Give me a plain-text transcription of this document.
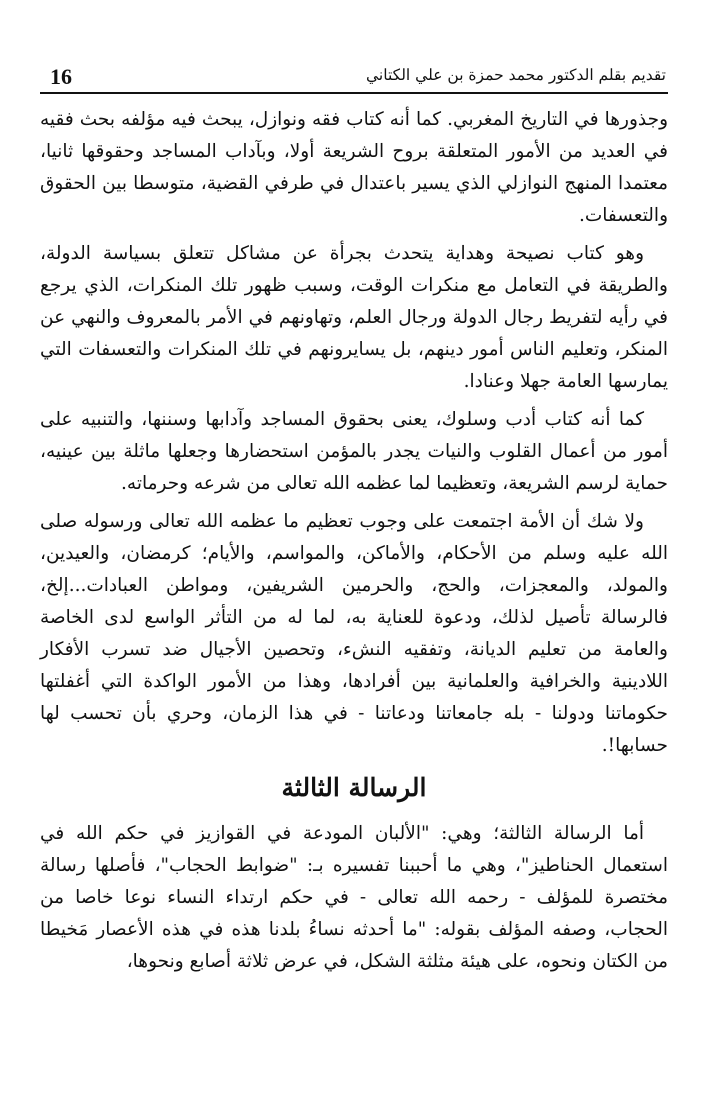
16	تقديم بقلم الدكتور محمد حمزة بن علي الكتاني

وجذورها في التاريخ المغربي. كما أنه كتاب فقه ونوازل، يبحث فيه مؤلفه بحث فقيه في العديد من الأمور المتعلقة بروح الشريعة أولا، وبآداب المساجد وحقوقها ثانيا، معتمدا المنهج النوازلي الذي يسير باعتدال في طرفي القضية، متوسطا بين الحقوق والتعسفات.

وهو كتاب نصيحة وهداية يتحدث بجرأة عن مشاكل تتعلق بسياسة الدولة، والطريقة في التعامل مع منكرات الوقت، وسبب ظهور تلك المنكرات، الذي يرجع في رأيه لتفريط رجال الدولة ورجال العلم، وتهاونهم في الأمر بالمعروف والنهي عن المنكر، وتعليم الناس أمور دينهم، بل يسايرونهم في تلك المنكرات والتعسفات التي يمارسها العامة جهلا وعنادا.

كما أنه كتاب أدب وسلوك، يعنى بحقوق المساجد وآدابها وسننها، والتنبيه على أمور من أعمال القلوب والنيات يجدر بالمؤمن استحضارها وجعلها ماثلة بين عينيه، حماية لرسم الشريعة، وتعظيما لما عظمه الله تعالى من شرعه وحرماته.

ولا شك أن الأمة اجتمعت على وجوب تعظيم ما عظمه الله تعالى ورسوله صلى الله عليه وسلم من الأحكام، والأماكن، والمواسم، والأيام؛ كرمضان، والعيدين، والمولد، والمعجزات، والحج، والحرمين الشريفين، ومواطن العبادات...إلخ، فالرسالة تأصيل لذلك، ودعوة للعناية به، لما له من التأثر الواسع لدى الخاصة والعامة من تعليم الديانة، وتفقيه النشء، وتحصين الأجيال ضد تسرب الأفكار اللادينية والخرافية والعلمانية بين أفرادها، وهذا من الأمور الواكدة التي أغفلتها حكوماتنا ودولنا - بله جامعاتنا ودعاتنا - في هذا الزمان، وحري بأن تحسب لها حسابها!.

الرسالة الثالثة

أما الرسالة الثالثة؛ وهي: "الألبان المودعة في القوازيز في حكم الله في استعمال الحناطيز"، وهي ما أحببنا تفسيره بـ: "ضوابط الحجاب"، فأصلها رسالة مختصرة للمؤلف - رحمه الله تعالى - في حكم ارتداء النساء نوعا خاصا من الحجاب، وصفه المؤلف بقوله: "ما أحدثه نساءُ بلدنا هذه في هذه الأعصار مَخيطا من الكتان ونحوه، على هيئة مثلثة الشكل، في عرض ثلاثة أصابع ونحوها،
